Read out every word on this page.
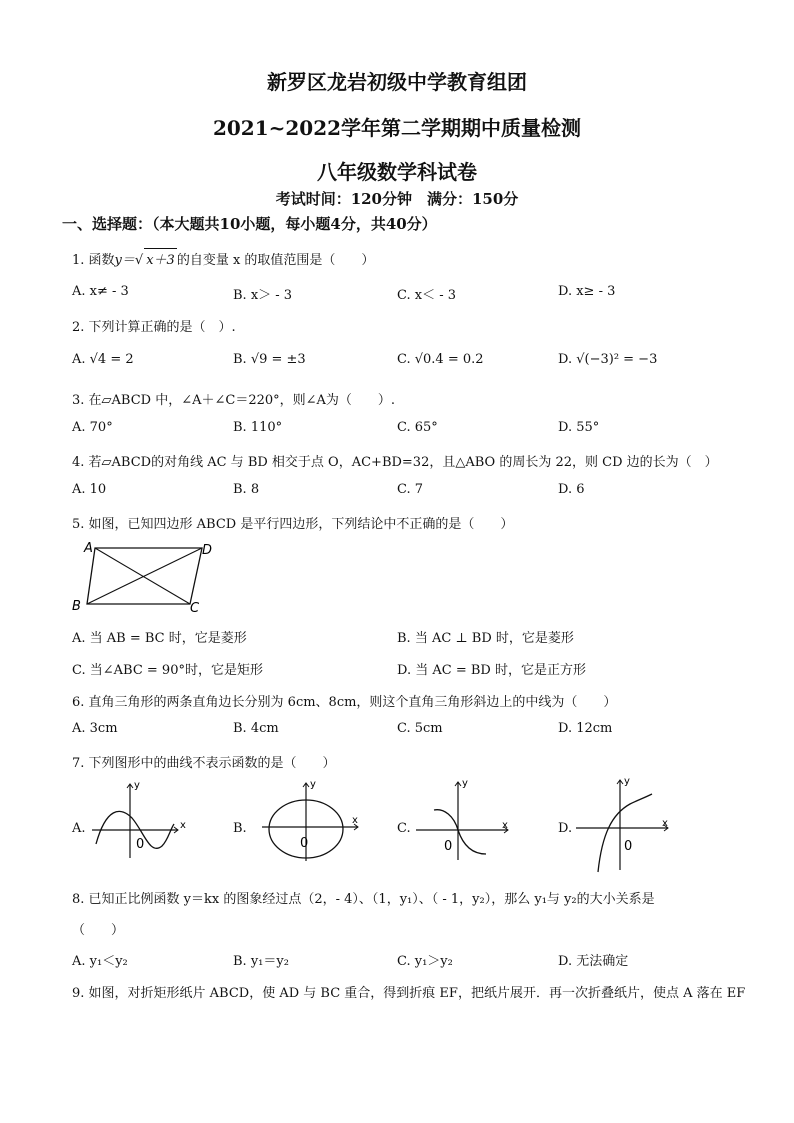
新罗区龙岩初级中学教育组团
2021~2022学年第二学期期中质量检测
八年级数学科试卷
考试时间：120分钟　满分：150分
一、选择题：（本大题共10小题，每小题4分，共40分）
1. 函数y＝√ x＋3 的自变量 x 的取值范围是（　　）
A. x≠ - 3	B. x＞ - 3	C. x＜ - 3	D. x≥ - 3
2. 下列计算正确的是（　）.
A. √4 = 2	B. √9 = ±3	C. √0.4 = 0.2	D. √(−3)² = −3
3. 在▱ABCD 中，∠A＋∠C＝220°，则∠A为（　　）.
A. 70°	B. 110°	C. 65°	D. 55°
4. 若▱ABCD的对角线 AC 与 BD 相交于点 O，AC+BD=32，且△ABO 的周长为 22，则 CD 边的长为（　）
A. 10	B. 8	C. 7	D. 6
5. 如图，已知四边形 ABCD 是平行四边形，下列结论中不正确的是（　　）
A	D
B	C
A. 当 AB = BC 时，它是菱形	B. 当 AC ⊥ BD 时，它是菱形
C. 当∠ABC = 90°时，它是矩形	D. 当 AC = BD 时，它是正方形
6. 直角三角形的两条直角边长分别为 6cm、8cm，则这个直角三角形斜边上的中线为（　　）
A. 3cm	B. 4cm	C. 5cm	D. 12cm
7. 下列图形中的曲线不表示函数的是（　　）
A.	x
y
0
B.
x
y
0
C.	x
y
0
D.	x
y
0
8. 已知正比例函数 y＝kx 的图象经过点（2，- 4）、（1，y₁）、（ - 1，y₂），那么 y₁与 y₂的大小关系是
（　　）
A. y₁＜y₂	B. y₁＝y₂	C. y₁＞y₂	D. 无法确定
9. 如图，对折矩形纸片 ABCD，使 AD 与 BC 重合，得到折痕 EF，把纸片展开．再一次折叠纸片，使点 A 落在 EF
